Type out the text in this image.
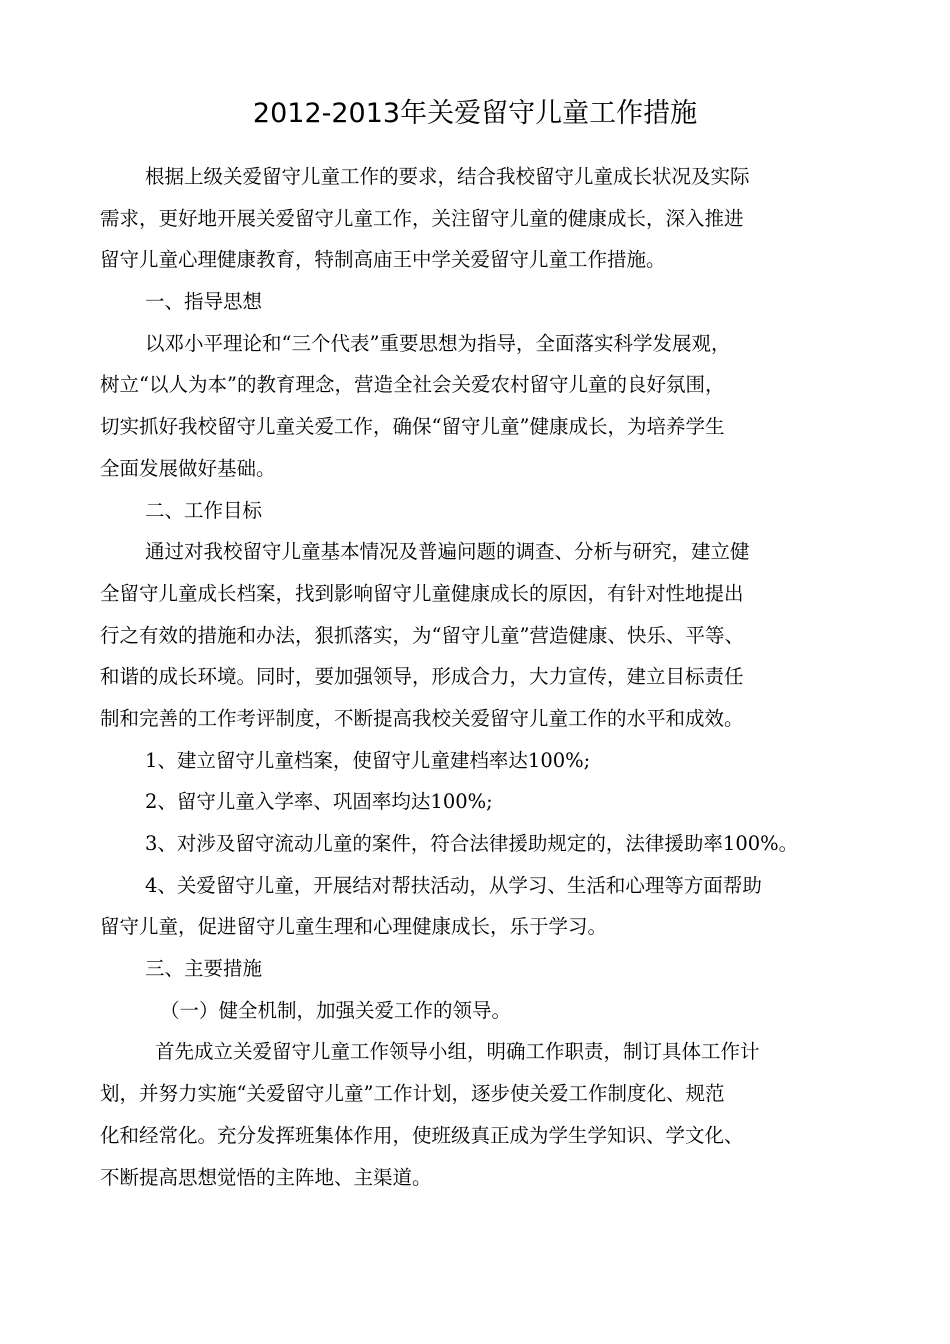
2012-2013年关爱留守儿童工作措施
根据上级关爱留守儿童工作的要求，结合我校留守儿童成长状况及实际
需求，更好地开展关爱留守儿童工作，关注留守儿童的健康成长，深入推进
留守儿童心理健康教育，特制高庙王中学关爱留守儿童工作措施。
一、指导思想
以邓小平理论和“三个代表”重要思想为指导，全面落实科学发展观，
树立“以人为本”的教育理念，营造全社会关爱农村留守儿童的良好氛围，
切实抓好我校留守儿童关爱工作，确保“留守儿童”健康成长，为培养学生
全面发展做好基础。
二、工作目标
通过对我校留守儿童基本情况及普遍问题的调查、分析与研究，建立健
全留守儿童成长档案，找到影响留守儿童健康成长的原因，有针对性地提出
行之有效的措施和办法，狠抓落实，为“留守儿童”营造健康、快乐、平等、
和谐的成长环境。同时，要加强领导，形成合力，大力宣传，建立目标责任
制和完善的工作考评制度，不断提高我校关爱留守儿童工作的水平和成效。
1、建立留守儿童档案，使留守儿童建档率达100%;
2、留守儿童入学率、巩固率均达100%;
3、对涉及留守流动儿童的案件，符合法律援助规定的，法律援助率100%。
4、关爱留守儿童，开展结对帮扶活动，从学习、生活和心理等方面帮助
留守儿童，促进留守儿童生理和心理健康成长，乐于学习。
三、主要措施
（一）健全机制，加强关爱工作的领导。
首先成立关爱留守儿童工作领导小组，明确工作职责，制订具体工作计
划，并努力实施“关爱留守儿童”工作计划，逐步使关爱工作制度化、规范
化和经常化。充分发挥班集体作用，使班级真正成为学生学知识、学文化、
不断提高思想觉悟的主阵地、主渠道。
